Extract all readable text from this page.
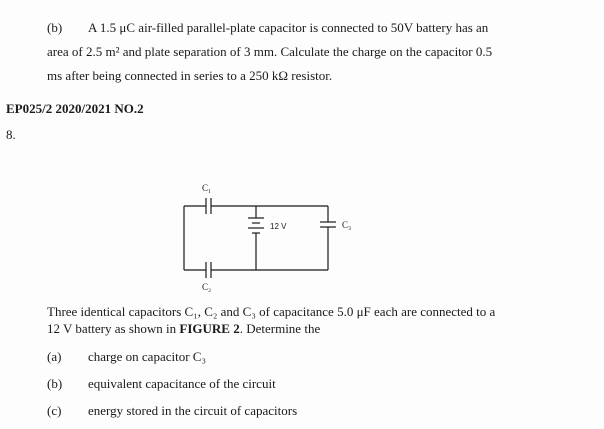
(b) A 1.5 μC air-filled parallel-plate capacitor is connected to 50V battery has an
area of 2.5 m² and plate separation of 3 mm. Calculate the charge on the capacitor 0.5
ms after being connected in series to a 250 kΩ resistor.
EP025/2 2020/2021 NO.2
8.
C₁
C₂
C₃
12 V
Three identical capacitors C₁, C₂ and C₃ of capacitance 5.0 μF each are connected to a
12 V battery as shown in FIGURE 2. Determine the
(a) charge on capacitor C₃
(b) equivalent capacitance of the circuit
(c) energy stored in the circuit of capacitors
